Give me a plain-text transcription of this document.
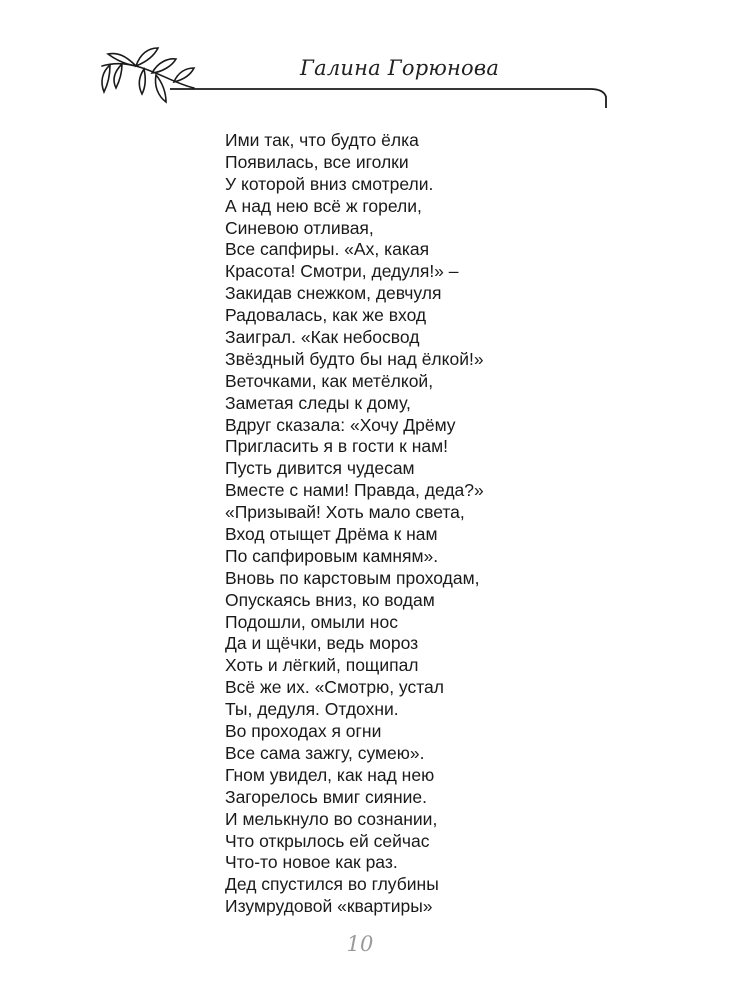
Галина Горюнова
Ими так, что будто ёлка
Появилась, все иголки
У которой вниз смотрели.
А над нею всё ж горели,
Синевою отливая,
Все сапфиры. «Ах, какая
Красота! Смотри, дедуля!» –
Закидав снежком, девчуля
Радовалась, как же вход
Заиграл. «Как небосвод
Звёздный будто бы над ёлкой!»
Веточками, как метёлкой,
Заметая следы к дому,
Вдруг сказала: «Хочу Дрёму
Пригласить я в гости к нам!
Пусть дивится чудесам
Вместе с нами! Правда, деда?»
«Призывай! Хоть мало света,
Вход отыщет Дрёма к нам
По сапфировым камням».
Вновь по карстовым проходам,
Опускаясь вниз, ко водам
Подошли, омыли нос
Да и щёчки, ведь мороз
Хоть и лёгкий, пощипал
Всё же их. «Смотрю, устал
Ты, дедуля. Отдохни.
Во проходах я огни
Все сама зажгу, сумею».
Гном увидел, как над нею
Загорелось вмиг сияние.
И мелькнуло во сознании,
Что открылось ей сейчас
Что-то новое как раз.
Дед спустился во глубины
Изумрудовой «квартиры»
10
